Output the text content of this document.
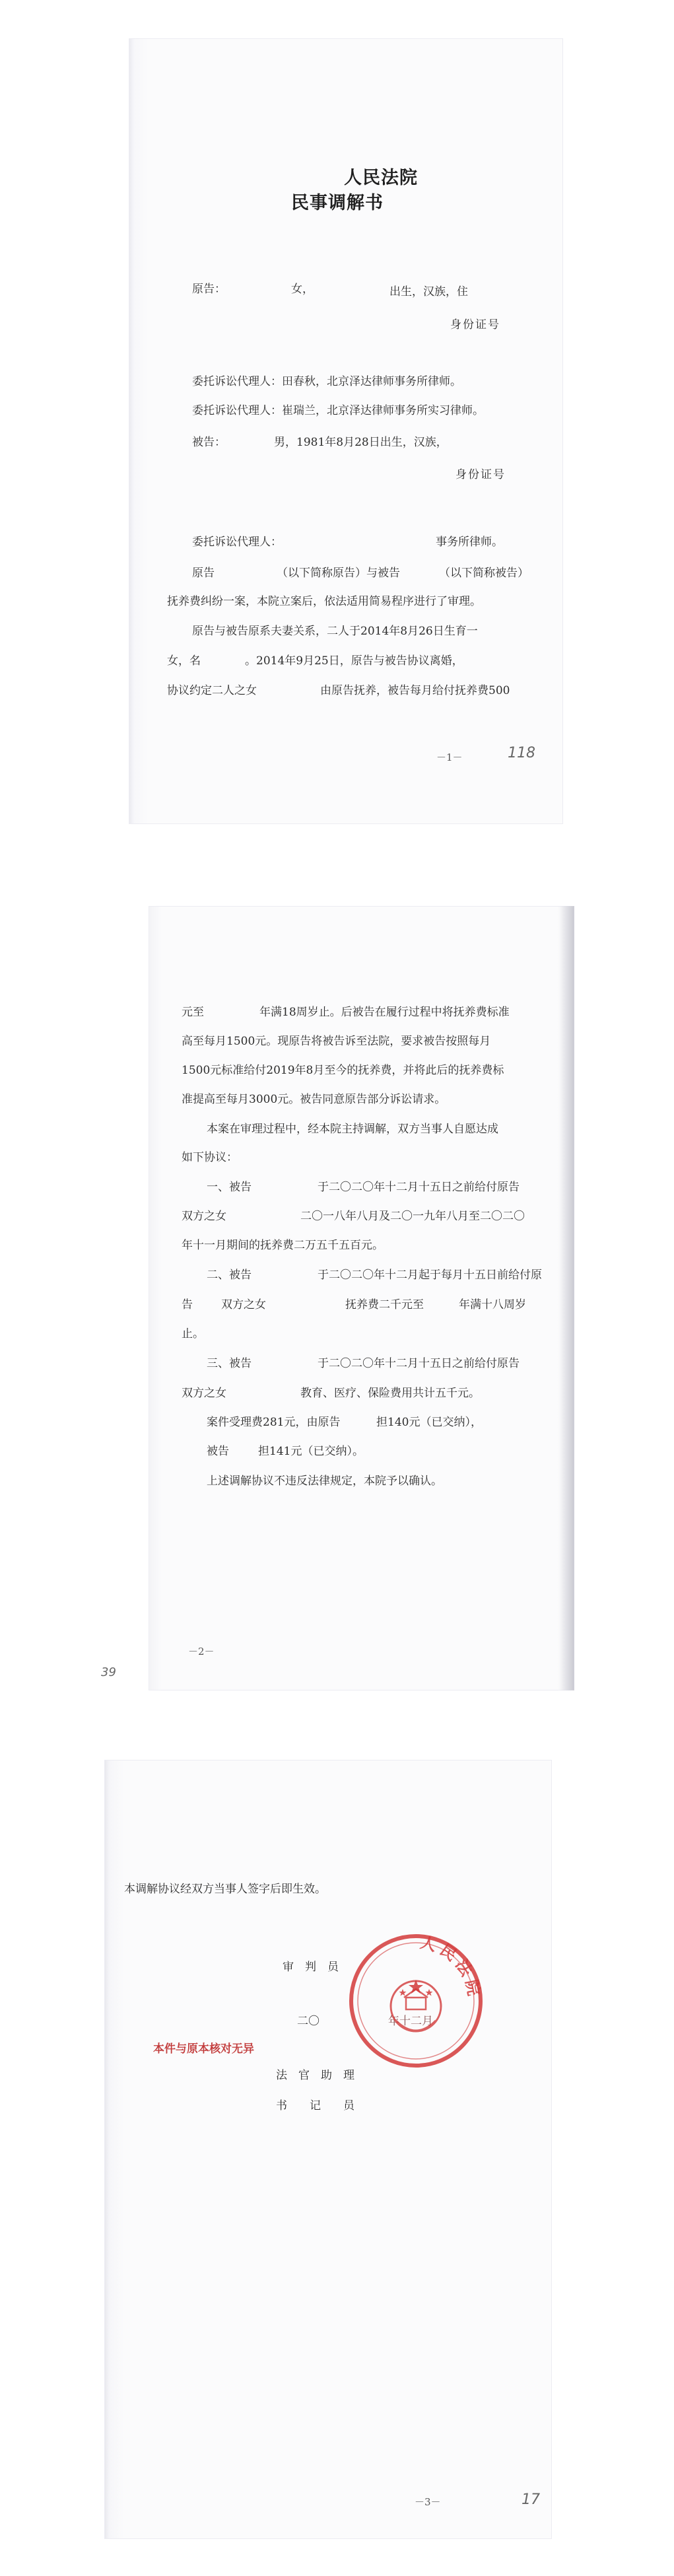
人民法院
民事调解书
原告：	女，	出生，汉族，住
身份证号
委托诉讼代理人：田春秋，北京泽达律师事务所律师。
委托诉讼代理人：崔瑞兰，北京泽达律师事务所实习律师。
被告：	男，1981年8月28日出生，汉族，
身份证号
委托诉讼代理人：	事务所律师。
原告	（以下简称原告）与被告	（以下简称被告）
抚养费纠纷一案，本院立案后，依法适用简易程序进行了审理。
原告与被告原系夫妻关系，二人于2014年8月26日生育一
女，名	。2014年9月25日，原告与被告协议离婚，
协议约定二人之女	由原告抚养，被告每月给付抚养费500
－1－	118
元至	年满18周岁止。后被告在履行过程中将抚养费标准
高至每月1500元。现原告将被告诉至法院，要求被告按照每月
1500元标准给付2019年8月至今的抚养费，并将此后的抚养费标
准提高至每月3000元。被告同意原告部分诉讼请求。
本案在审理过程中，经本院主持调解，双方当事人自愿达成
如下协议：
一、被告	于二〇二〇年十二月十五日之前给付原告
双方之女	二〇一八年八月及二〇一九年八月至二〇二〇
年十一月期间的抚养费二万五千五百元。
二、被告	于二〇二〇年十二月起于每月十五日前给付原
告	双方之女	抚养费二千元至	年满十八周岁
止。
三、被告	于二〇二〇年十二月十五日之前给付原告
双方之女	教育、医疗、保险费用共计五千元。
案件受理费281元，由原告	担140元（已交纳），
被告	担141元（已交纳）。
上述调解协议不违反法律规定，本院予以确认。
－2－
39
本调解协议经双方当事人签字后即生效。
审　判　员
二〇	年十二月
本件与原本核对无异
法　官　助　理
书　　记　　员
－3－	17
人民法院
